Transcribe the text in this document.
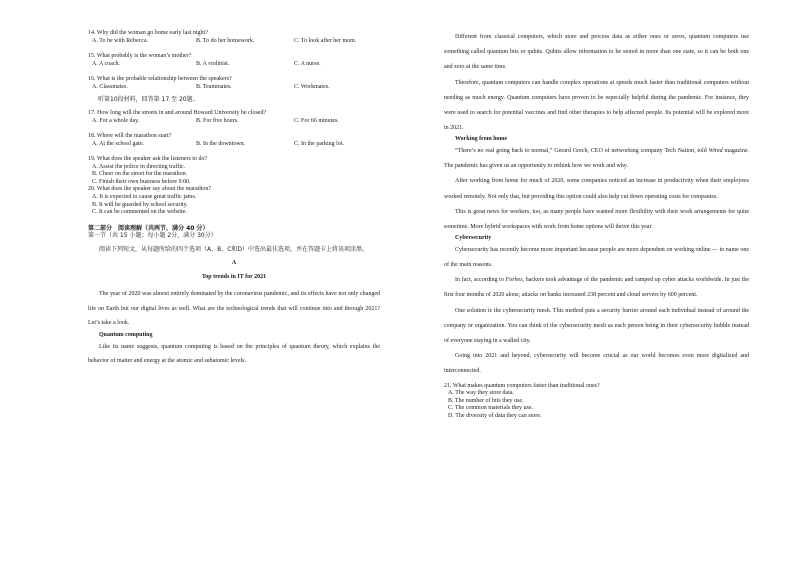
14. Why did the woman go home early last night?

A. To be with Rebecca.	B. To do her homework.	C. To look after her mom.

15. What probably is the woman’s mother?

A. A coach.	B. A violinist.	C. A nurse.

16. What is the probable relationship between the speakers?

A. Classmates.	B. Teammates.	C. Workmates.

听第10段材料，回答第 17 至 20题。

17. How long will the streets in and around Howard University be closed?

A. For a whole day.	B. For five hours.	C. For 66 minutes.

18. Where will the marathon start?

A. At the school gate.	B. In the downtown.	C. In the parking lot.

19. What does the speaker ask the listeners to do?

A. Assist the police in directing traffic.

B. Cheer on the street for the marathon.

C. Finish their own business before 9:00.

20. What does the speaker say about the marathon?

A. It is expected to cause great traffic jams.

B. It will be guarded by school security.

C. It can be commented on the website.

第二部分　阅读理解（共两节，满分 40 分）

第一节（共 15 小题；每小题 2分，满分 30分）

阅读下列短文，从每题所给的四个选项（A、B、C和D）中选出最佳选项，并在答题卡上将该项涂黑。

A

Top trends in IT for 2021

The year of 2020 was almost entirely dominated by the coronavirus pandemic, and its effects have not only changed life on Earth but our digital lives as well. What are the technological trends that will continue into and through 2021? Let’s take a look.

Quantum computing

Like its name suggests, quantum computing is based on the principles of quantum theory, which explains the behavior of matter and energy at the atomic and subatomic levels.

Different from classical computers, which store and process data as either ones or zeros, quantum computers use something called quantum bits or qubits. Qubits allow information to be stored in more than one state, so it can be both one and zero at the same time.

Therefore, quantum computers can handle complex operations at speeds much faster than traditional computers without needing as much energy. Quantum computers have proven to be especially helpful during the pandemic. For instance, they were used to search for potential vaccines and find other therapies to help affected people. Its potential will be explored more in 2021.

Working from home

“There’s no real going back to normal,” Gerard Grech, CEO of networking company Tech Nation, told Wired magazine. The pandemic has given us an opportunity to rethink how we work and why.

After working from home for much of 2020, some companies noticed an increase in productivity when their employees worked remotely. Not only that, but providing this option could also help cut down operating costs for companies.

This is great news for workers, too, as many people have wanted more flexibility with their work arrangements for quite sometime. More hybrid workspaces with work from home options will thrive this year.

Cybersecurity

Cybersecurity has recently become more important because people are more dependent on working online — to name one of the main reasons.

In fact, according to Forbes, hackers took advantage of the pandemic and ramped up cyber attacks worldwide. In just the first four months of 2020 alone, attacks on banks increased 238 percent and cloud servers by 600 percent.

One solution is the cybersecurity mesh. This method puts a security barrier around each individual instead of around the company or organization. You can think of the cybersecurity mesh as each person being in their cybersecurity bubble instead of everyone staying in a walled city.

Going into 2021 and beyond, cybersecurity will become crucial as our world becomes even more digitalized and interconnected.

21. What makes quantum computers faster than traditional ones?

A. The way they store data.

B. The number of bits they use.

C. The common materials they use.

D. The diversity of data they can store.
